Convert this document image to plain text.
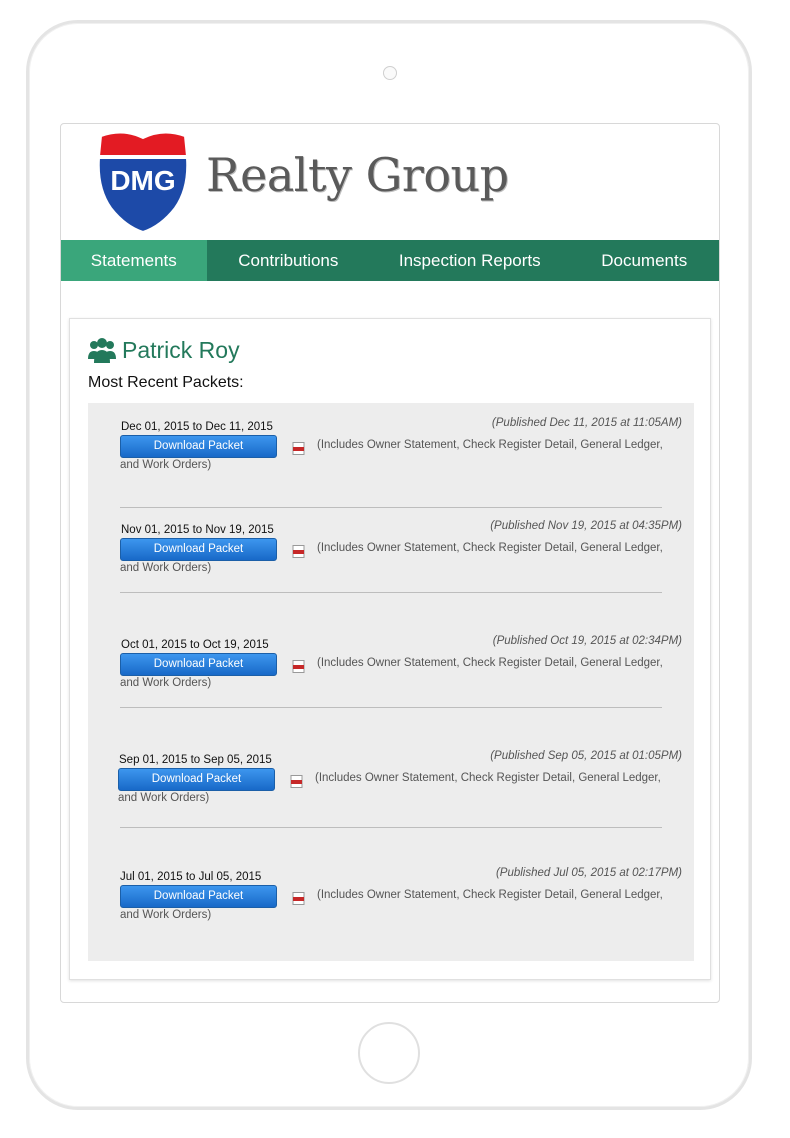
DMG Realty Group
Statements	Contributions	Inspection Reports	Documents
Patrick Roy
Most Recent Packets:
Dec 01, 2015 to Dec 11, 2015	(Published Dec 11, 2015 at 11:05AM)
Download Packet	(Includes Owner Statement, Check Register Detail, General Ledger,
and Work Orders)
Nov 01, 2015 to Nov 19, 2015	(Published Nov 19, 2015 at 04:35PM)
Download Packet	(Includes Owner Statement, Check Register Detail, General Ledger,
and Work Orders)
Oct 01, 2015 to Oct 19, 2015	(Published Oct 19, 2015 at 02:34PM)
Download Packet	(Includes Owner Statement, Check Register Detail, General Ledger,
and Work Orders)
Sep 01, 2015 to Sep 05, 2015	(Published Sep 05, 2015 at 01:05PM)
Download Packet	(Includes Owner Statement, Check Register Detail, General Ledger,
and Work Orders)
Jul 01, 2015 to Jul 05, 2015	(Published Jul 05, 2015 at 02:17PM)
Download Packet	(Includes Owner Statement, Check Register Detail, General Ledger,
and Work Orders)
